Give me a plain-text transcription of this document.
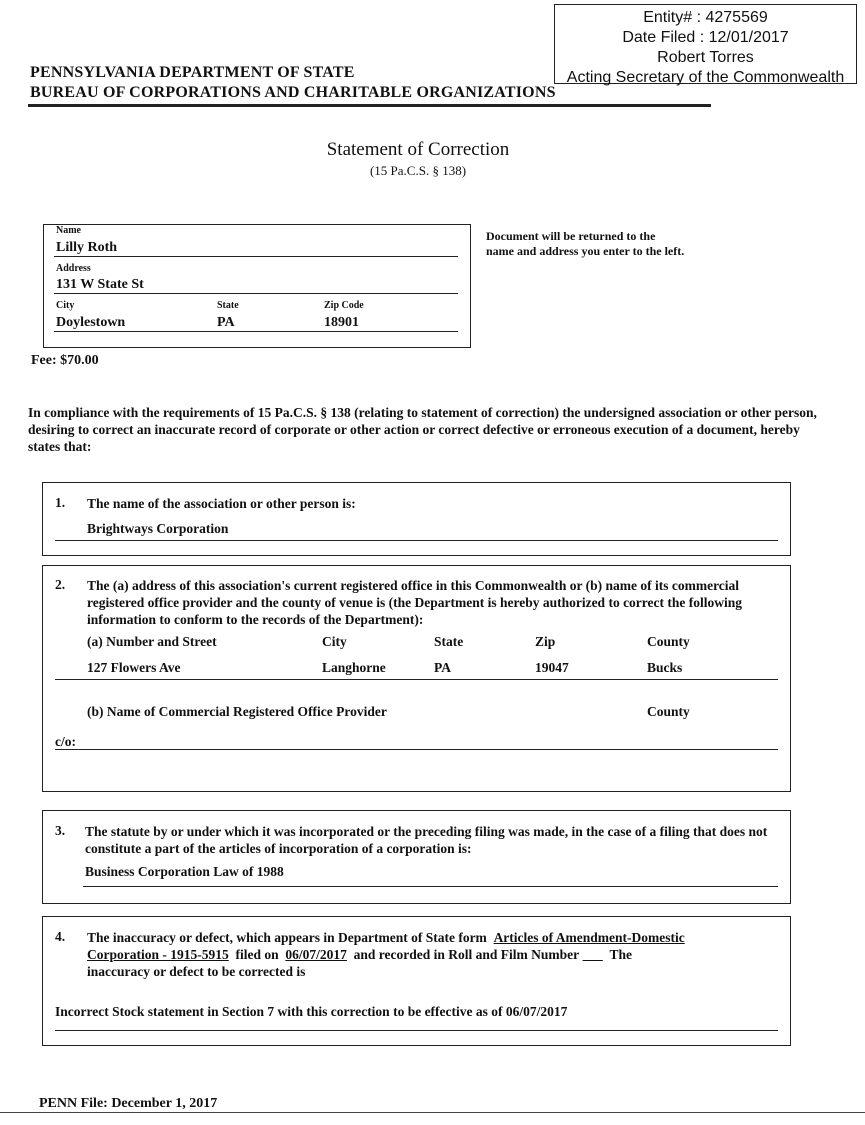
Entity# : 4275569
Date Filed : 12/01/2017
Robert Torres
Acting Secretary of the Commonwealth
PENNSYLVANIA DEPARTMENT OF STATE
BUREAU OF CORPORATIONS AND CHARITABLE ORGANIZATIONS
Statement of Correction
(15 Pa.C.S. § 138)
Name
Lilly Roth
Address
131 W State St
City
Doylestown
State
PA
Zip Code
18901
Document will be returned to the name and address you enter to the left.
Fee: $70.00
In compliance with the requirements of 15 Pa.C.S. § 138 (relating to statement of correction) the undersigned association or other person, desiring to correct an inaccurate record of corporate or other action or correct defective or erroneous execution of a document, hereby states that:
1. The name of the association or other person is:
Brightways Corporation
2. The (a) address of this association's current registered office in this Commonwealth or (b) name of its commercial registered office provider and the county of venue is (the Department is hereby authorized to correct the following information to conform to the records of the Department):
(a) Number and Street	City	State	Zip	County
127 Flowers Ave	Langhorne	PA	19047	Bucks
(b) Name of Commercial Registered Office Provider	County
c/o:
3. The statute by or under which it was incorporated or the preceding filing was made, in the case of a filing that does not constitute a part of the articles of incorporation of a corporation is:
Business Corporation Law of 1988
4. The inaccuracy or defect, which appears in Department of State form Articles of Amendment-Domestic
Corporation - 1915-5915 filed on 06/07/2017 and recorded in Roll and Film Number The
inaccuracy or defect to be corrected is
Incorrect Stock statement in Section 7 with this correction to be effective as of 06/07/2017
PENN File: December 1, 2017
